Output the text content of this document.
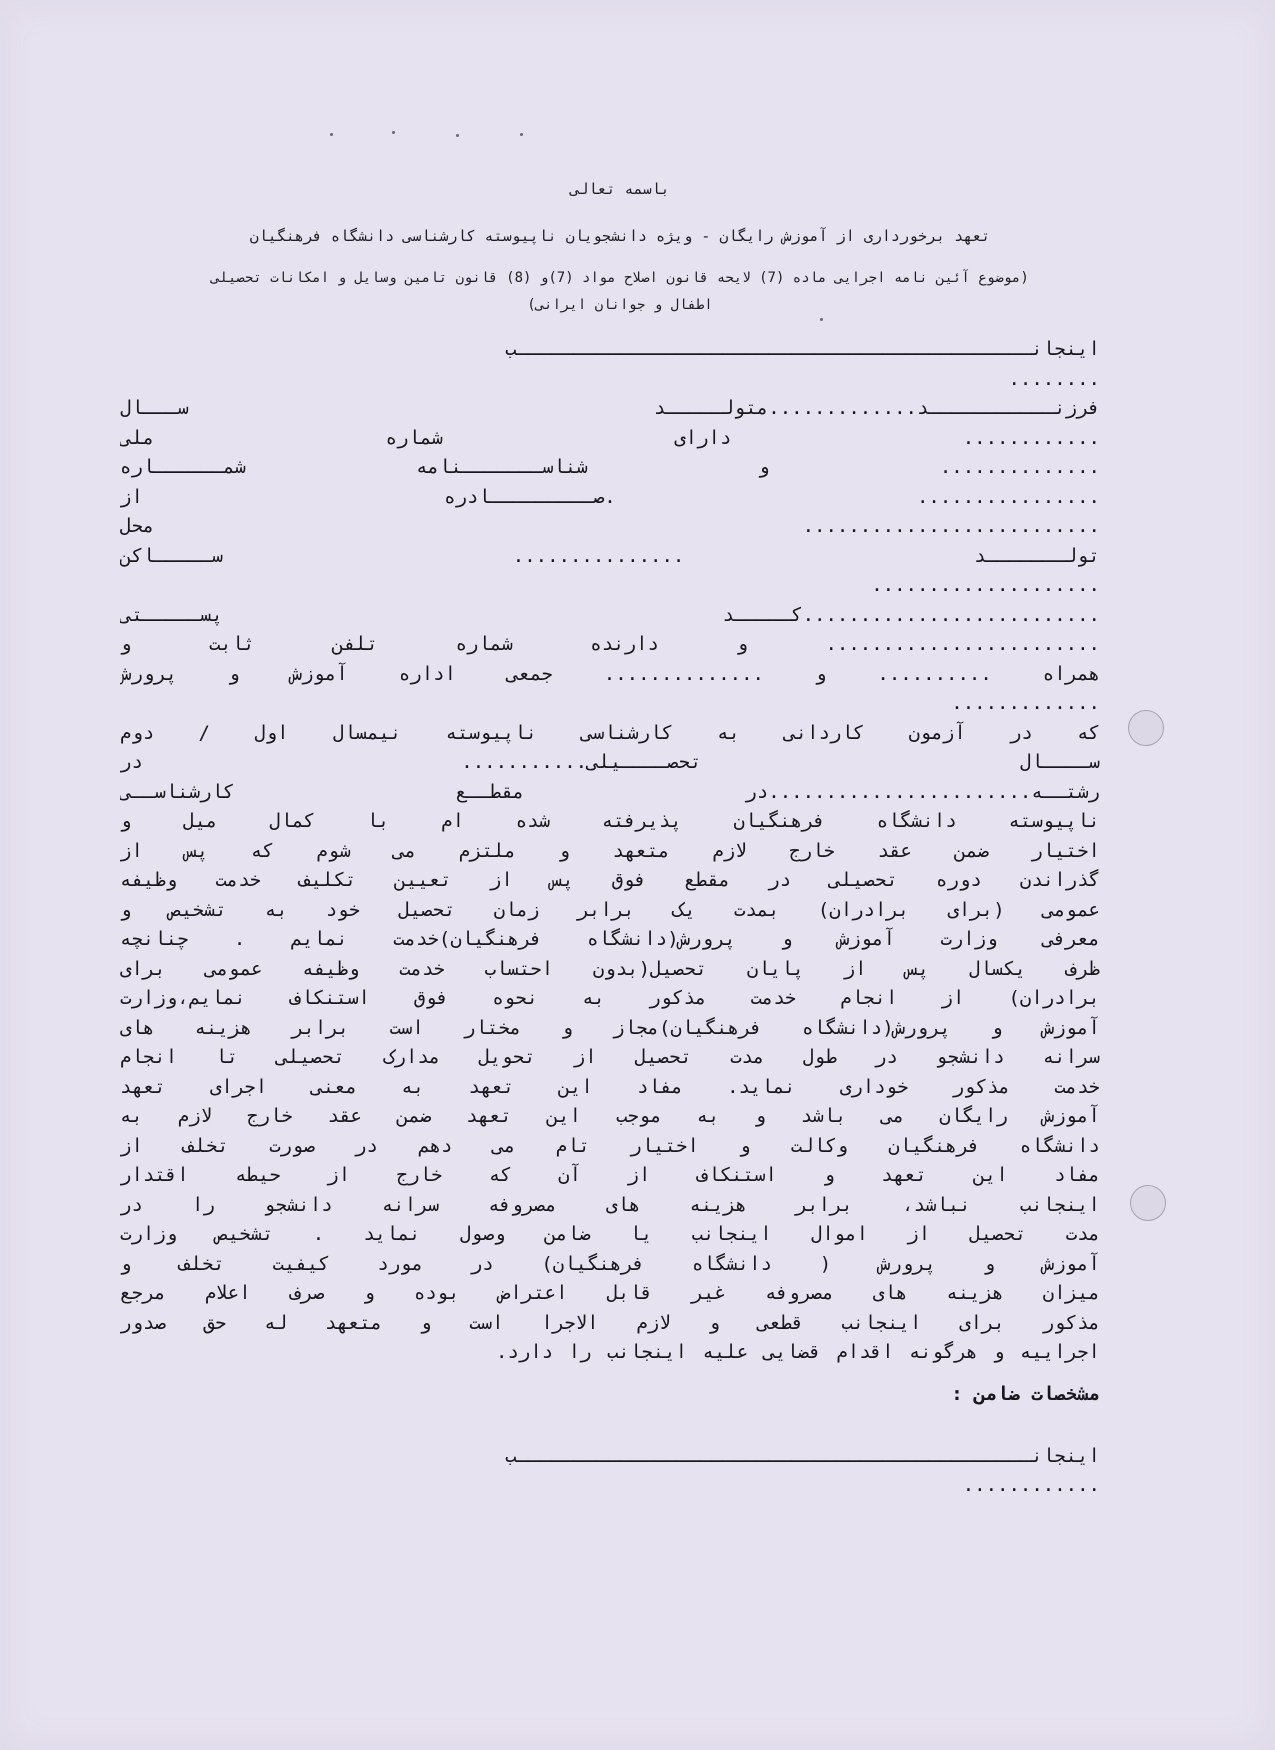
باسمه تعالی
تعهد برخورداری از آموزش رایگان - ویژه دانشجویان ناپیوسته کارشناسی دانشگاه فرهنگیان
(موضوع آئین نامه اجرایی ماده (7) لایحه قانون اصلاح مواد (7)و (8) قانون تامین وسایل و امکانات تحصیلی
اطفال و جوانان ایرانی)
اینجانـــــــــــــــــــــــــــــــــــــــــــــب
........
فرزنـــــــــــد.............متولـــــد ســـال
............ دارای شماره ملی
.............. و شناســـــــنامه شمــــــاره
................ .صـــــــــادره از
.......................... محل
تولـــــــد ............... ســـــاکن
....................
..........................کـــــد پســـــتی
........................ و دارنده شماره تلفن ثابت و
همراه .......... و .............. جمعی اداره آموزش و پرورش
.............
که در آزمون کاردانی به کارشناسی ناپیوسته نیمسال اول / دوم
ســــال تحصــــیلی........... در
رشتــه.......................در مقطــع کارشناســی
ناپیوسته دانشگاه فرهنگیان پذیرفته شده ام با کمال میل و
اختیار ضمن عقد خارج لازم متعهد و ملتزم می شوم که پس از
گذراندن دوره تحصیلی در مقطع فوق پس از تعیین تکلیف خدمت وظیفه
عمومی (برای برادران) بمدت یک برابر زمان تحصیل خود به تشخیص و
معرفی وزارت آموزش و پرورش(دانشگاه فرهنگیان)خدمت نمایم . چنانچه
ظرف یکسال پس از پایان تحصیل(بدون احتساب خدمت وظیفه عمومی برای
برادران) از انجام خدمت مذکور به نحوه فوق استنکاف نمایم،وزارت
آموزش و پرورش(دانشگاه فرهنگیان)مجاز و مختار است برابر هزینه های
سرانه دانشجو در طول مدت تحصیل از تحویل مدارک تحصیلی تا انجام
خدمت مذکور خوداری نماید. مفاد این تعهد به معنی اجرای تعهد
آموزش رایگان می باشد و به موجب این تعهد ضمن عقد خارج لازم به
دانشگاه فرهنگیان وکالت و اختیار تام می دهم در صورت تخلف از
مفاد این تعهد و استنکاف از آن که خارج از حیطه اقتدار
اینجانب نباشد، برابر هزینه های مصروفه سرانه دانشجو را در
مدت تحصیل از اموال اینجانب یا ضامن وصول نماید . تشخیص وزارت
آموزش و پرورش ( دانشگاه فرهنگیان) در مورد کیفیت تخلف و
میزان هزینه های مصروفه غیر قابل اعتراض بوده و صرف اعلام مرجع
مذکور برای اینجانب قطعی و لازم الاجرا است و متعهد له حق صدور
اجراییه و هرگونه اقدام قضایی علیه اینجانب را دارد.
مشخصات ضامن :
اینجانـــــــــــــــــــــــــــــــــــــــــــــب
............
